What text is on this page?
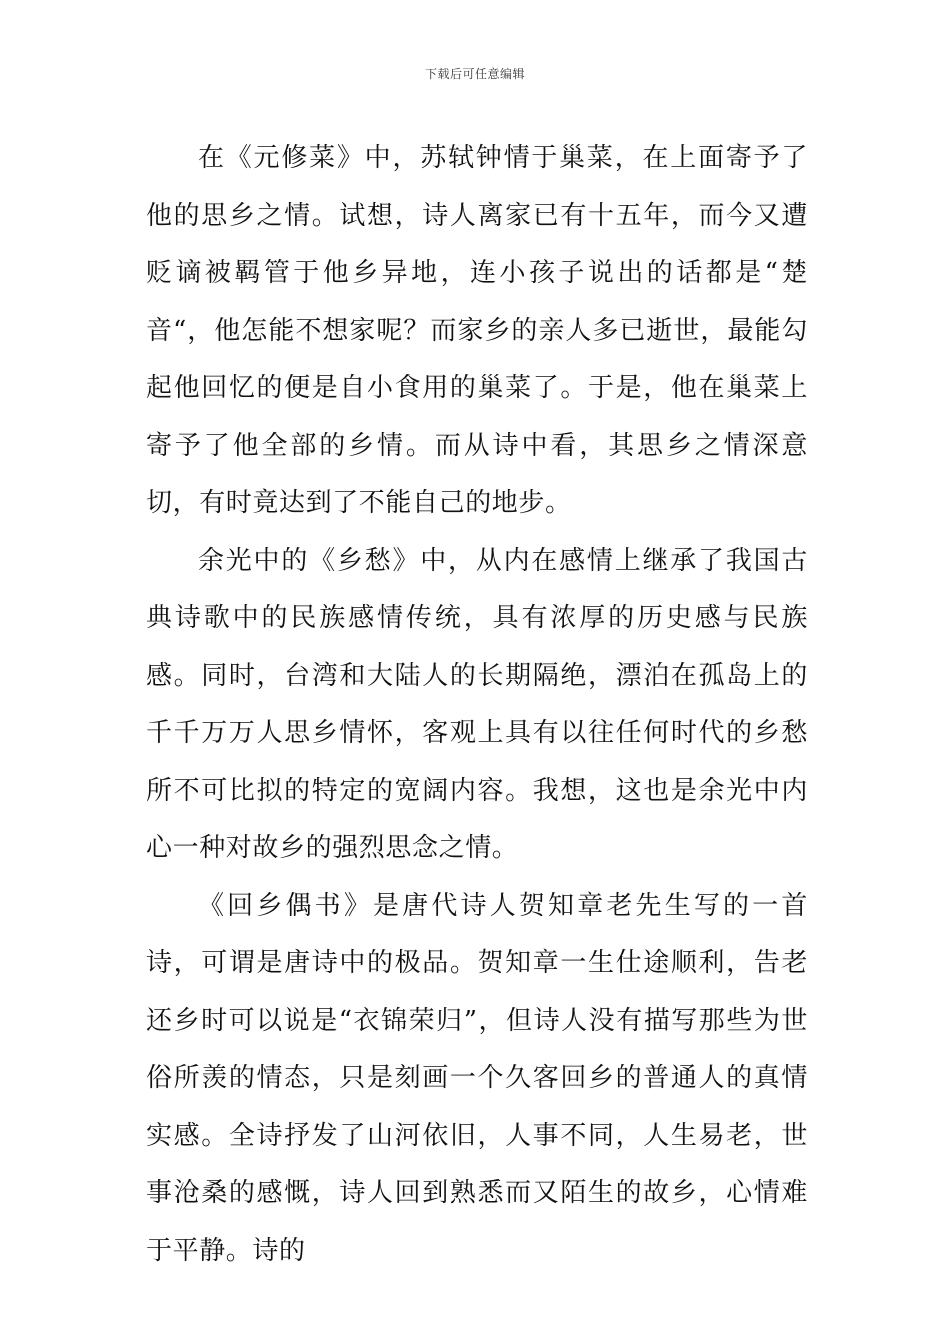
下载后可任意编辑

在《元修菜》中，苏轼钟情于巢菜，在上面寄予了他的思乡之情。试想，诗人离家已有十五年，而今又遭贬谪被羁管于他乡异地，连小孩子说出的话都是“楚音“，他怎能不想家呢？而家乡的亲人多已逝世，最能勾起他回忆的便是自小食用的巢菜了。于是，他在巢菜上寄予了他全部的乡情。而从诗中看，其思乡之情深意切，有时竟达到了不能自己的地步。

余光中的《乡愁》中，从内在感情上继承了我国古典诗歌中的民族感情传统，具有浓厚的历史感与民族感。同时，台湾和大陆人的长期隔绝，漂泊在孤岛上的千千万万人思乡情怀，客观上具有以往任何时代的乡愁所不可比拟的特定的宽阔内容。我想，这也是余光中内心一种对故乡的强烈思念之情。

《回乡偶书》是唐代诗人贺知章老先生写的一首诗，可谓是唐诗中的极品。贺知章一生仕途顺利，告老还乡时可以说是“衣锦荣归”，但诗人没有描写那些为世俗所羡的情态，只是刻画一个久客回乡的普通人的真情实感。全诗抒发了山河依旧，人事不同，人生易老，世事沧桑的感慨，诗人回到熟悉而又陌生的故乡，心情难于平静。诗的
